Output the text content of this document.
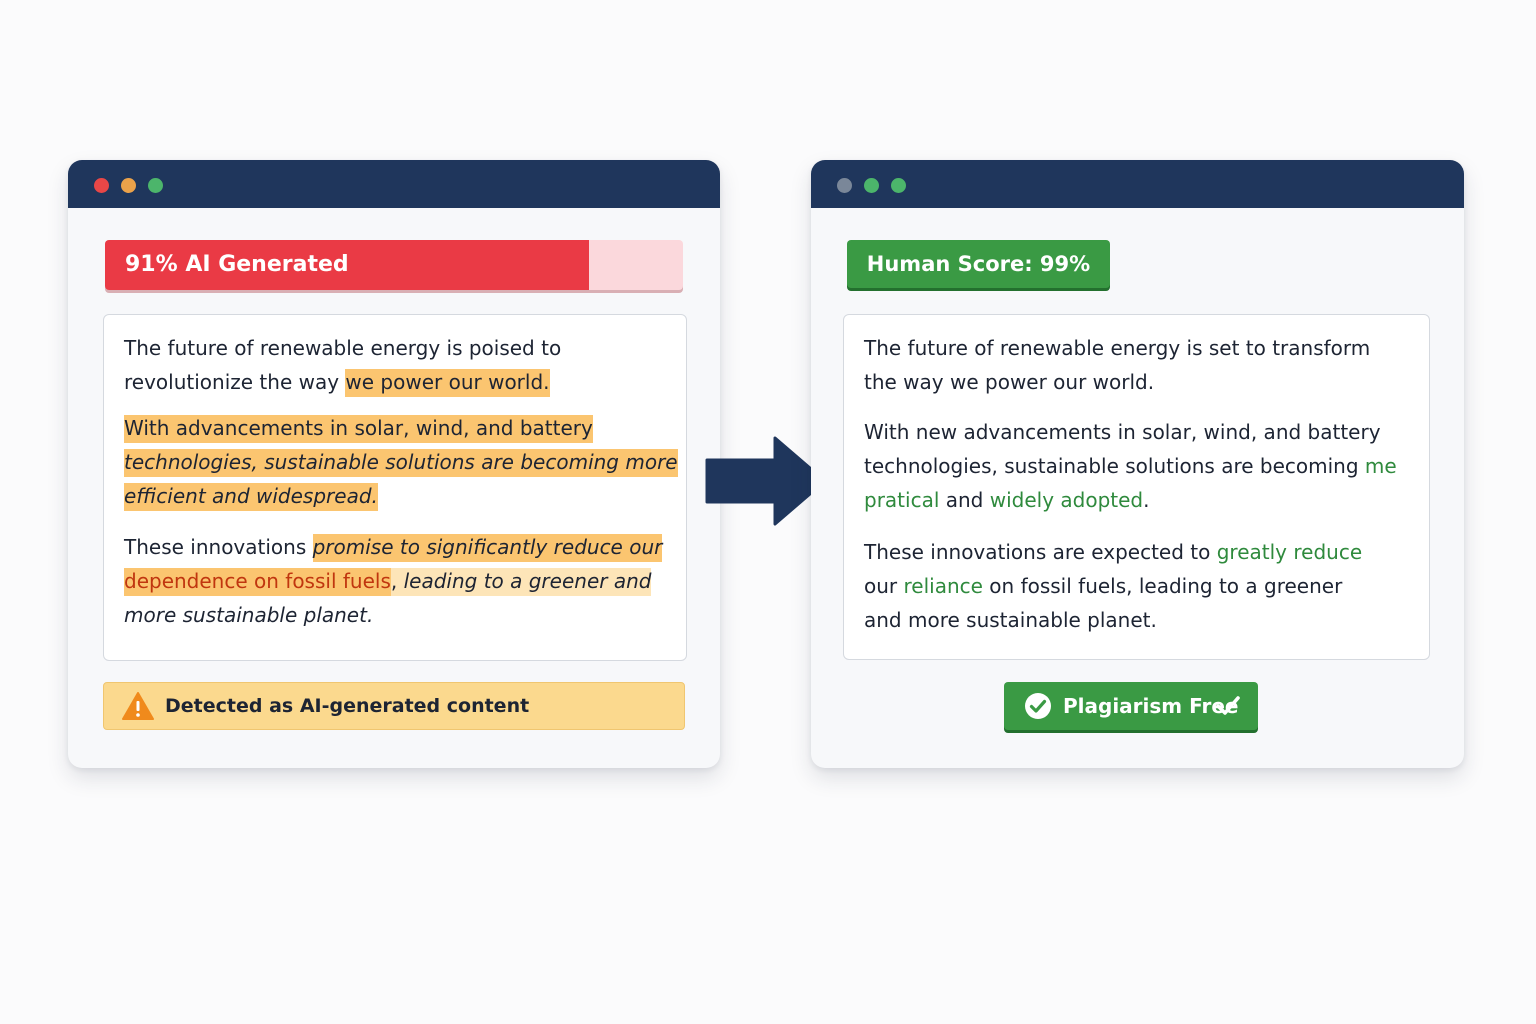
91% AI Generated

The future of renewable energy is poised to revolutionize the way we power our world.

With advancements in solar, wind, and battery
technologies, sustainable solutions are becoming more
efficient and widespread.

These innovations promise to significantly reduce our
dependence on fossil fuels, leading to a greener and
more sustainable planet.

Detected as AI-generated content
Human Score: 99%

The future of renewable energy is set to transform the way we power our world.

With new advancements in solar, wind, and battery technologies, sustainable solutions are becoming me pratical and widely adopted.

These innovations are expected to greatly reduce our reliance on fossil fuels, leading to a greener and more sustainable planet.

Plagiarism Free
